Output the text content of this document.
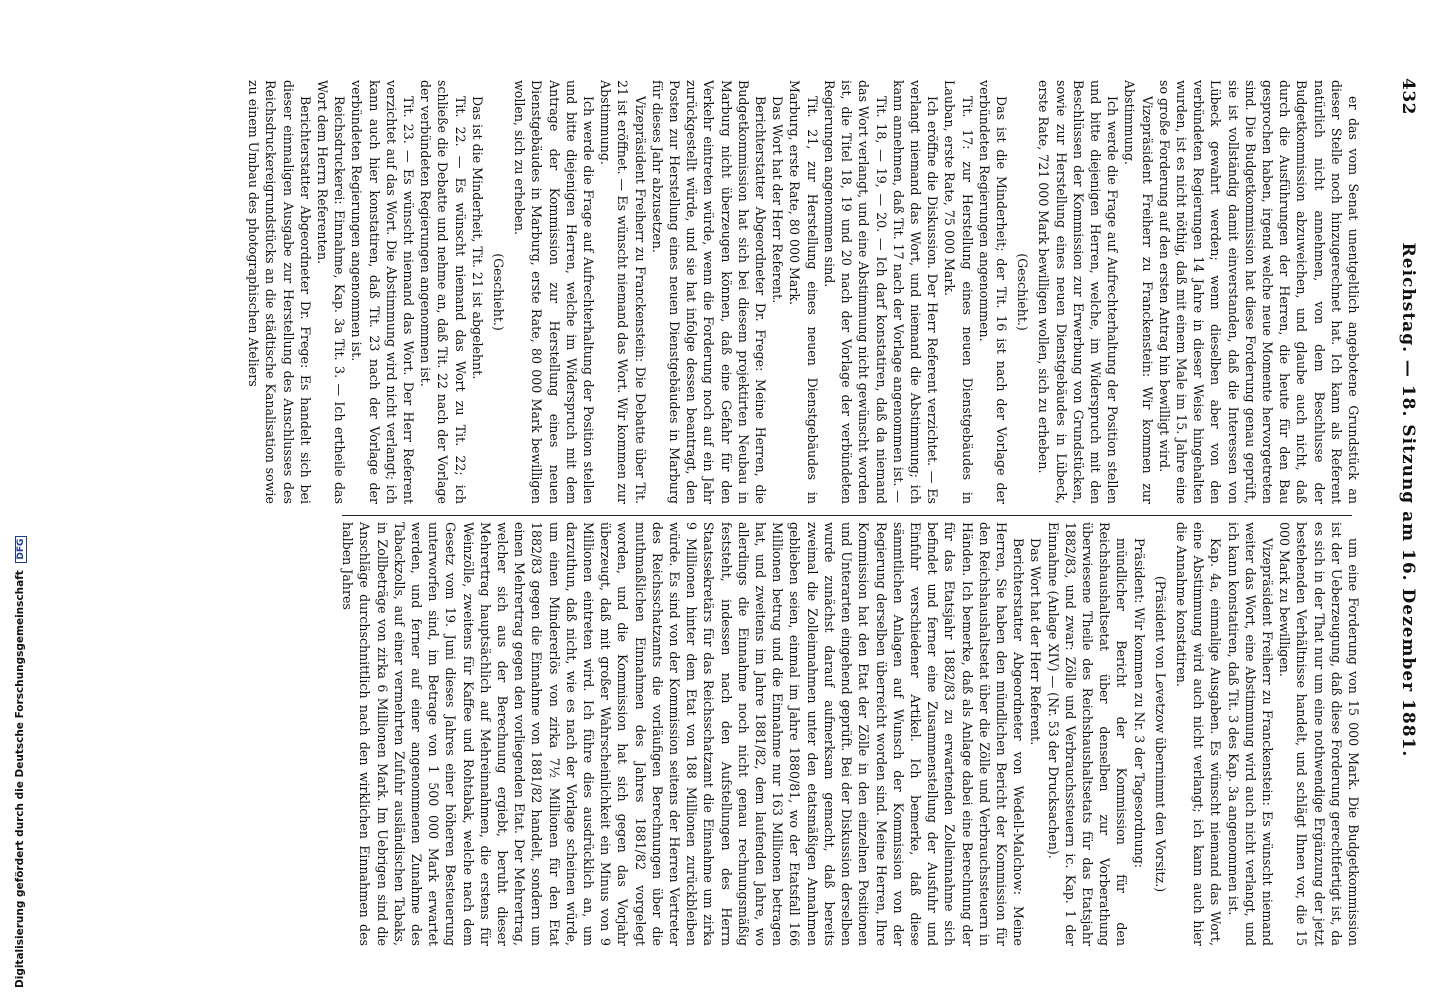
432
Reichstag. — 18. Sitzung am 16. Dezember 1881.

er das vom Senat unentgeltlich angebotene Grundstück an dieser Stelle noch hinzugerechnet hat. Ich kann als Referent natürlich nicht annehmen, von dem Beschlusse der Budgetkommission abzuweichen, und glaube auch nicht, daß durch die Ausführungen der Herren, die heute für den Bau gesprochen haben, irgend welche neue Momente hervorgetreten sind. Die Budgetkommission hat diese Forderung genau geprüft, sie ist vollständig damit einverstanden, daß die Interessen von Lübeck gewahrt werden; wenn dieselben aber von den verbündeten Regierungen 14 Jahre in dieser Weise hingehalten wurden, ist es nicht nöthig, daß mit einem Male im 15. Jahre eine so große Forderung auf den ersten Antrag hin bewilligt wird.

Vizepräsident Freiherr zu Franckenstein: Wir kommen zur Abstimmung.

Ich werde die Frage auf Aufrechterhaltung der Position stellen und bitte diejenigen Herren, welche, im Widerspruch mit den Beschlüssen der Kommission zur Erwerbung von Grundstücken, sowie zur Herstellung eines neuen Dienstgebäudes in Lübeck, erste Rate, 721 000 Mark bewilligen wollen, sich zu erheben.

(Geschieht.)

Das ist die Minderheit; der Tit. 16 ist nach der Vorlage der verbündeten Regierungen angenommen.

Tit. 17: zur Herstellung eines neuen Dienstgebäudes in Lauban, erste Rate, 75 000 Mark.

Ich eröffne die Diskussion. Der Herr Referent verzichtet. — Es verlangt niemand das Wort, und niemand die Abstimmung; ich kann annehmen, daß Tit. 17 nach der Vorlage angenommen ist. —

Tit. 18, — 19, — 20. — Ich darf konstatiren, daß da niemand das Wort verlangt, und eine Abstimmung nicht gewünscht worden ist, die Titel 18, 19 und 20 nach der Vorlage der verbündeten Regierungen angenommen sind.

Tit. 21, zur Herstellung eines neuen Dienstgebäudes in Marburg, erste Rate, 80 000 Mark.

Das Wort hat der Herr Referent.

Berichterstatter Abgeordneter Dr. Frege: Meine Herren, die Budgetkommission hat sich bei diesem projektirten Neubau in Marburg nicht überzeugen können, daß eine Gefahr für den Verkehr eintreten würde, wenn die Forderung noch auf ein Jahr zurückgestellt würde, und sie hat infolge dessen beantragt, den Posten zur Herstellung eines neuen Dienstgebäudes in Marburg für dieses Jahr abzusetzen.

Vizepräsident Freiherr zu Franckenstein: Die Debatte über Tit. 21 ist eröffnet. — Es wünscht niemand das Wort. Wir kommen zur Abstimmung.

Ich werde die Frage auf Aufrechterhaltung der Position stellen und bitte diejenigen Herren, welche im Widerspruch mit dem Antrage der Kommission zur Herstellung eines neuen Dienstgebäudes in Marburg, erste Rate, 80 000 Mark bewilligen wollen, sich zu erheben.

(Geschieht.)

Das ist die Minderheit, Tit. 21 ist abgelehnt.

Tit. 22. — Es wünscht niemand das Wort zu Tit. 22; ich schließe die Debatte und nehme an, daß Tit. 22 nach der Vorlage der verbündeten Regierungen angenommen ist.

Tit. 23. — Es wünscht niemand das Wort. Der Herr Referent verzichtet auf das Wort. Die Abstimmung wird nicht verlangt; ich kann auch hier konstatiren, daß Tit. 23 nach der Vorlage der verbündeten Regierungen angenommen ist.

Reichsdruckerei: Einnahme, Kap. 3a Tit. 3. — Ich ertheile das Wort dem Herrn Referenten.

Berichterstatter Abgeordneter Dr. Frege: Es handelt sich bei dieser einmaligen Ausgabe zur Herstellung des Anschlusses des Reichsdruckereigrundstücks an die städtische Kanalisation sowie zu einem Umbau des photographischen Ateliers

um eine Forderung von 15 000 Mark. Die Budgetkommission ist der Ueberzeugung, daß diese Forderung gerechtfertigt ist, da es sich in der That nur um eine nothwendige Ergänzung der jetzt bestehenden Verhältnisse handelt, und schlägt Ihnen vor, die 15 000 Mark zu bewilligen.

Vizepräsident Freiherr zu Franckenstein: Es wünscht niemand weiter das Wort, eine Abstimmung wird auch nicht verlangt, und ich kann konstatiren, daß Tit. 3 des Kap. 3a angenommen ist.

Kap. 4a, einmalige Ausgaben. Es wünscht niemand das Wort, eine Abstimmung wird auch nicht verlangt; ich kann auch hier die Annahme konstatiren.

(Präsident von Levetzow übernimmt den Vorsitz.)

Präsident: Wir kommen zu Nr. 3 der Tagesordnung:

mündlicher Bericht der Kommission für den Reichshaushaltsetat über denselben zur Vorberathung überwiesene Theile des Reichshaushaltsetats für das Etatsjahr 1882/83, und zwar: Zölle und Verbrauchssteuern ic. Kap. 1 der Einnahme (Anlage XIV) — (Nr. 53 der Drucksachen).

Das Wort hat der Herr Referent.

Berichterstatter Abgeordneter von Wedell-Malchow: Meine Herren, Sie haben den mündlichen Bericht der Kommission für den Reichshaushaltsetat über die Zölle und Verbrauchssteuern in Händen. Ich bemerke, daß als Anlage dabei eine Berechnung der für das Etatsjahr 1882/83 zu erwartenden Zolleinnahme sich befindet und ferner eine Zusammenstellung der Ausfuhr und Einfuhr verschiedener Artikel. Ich bemerke, daß diese sämmtlichen Anlagen auf Wunsch der Kommission von der Regierung derselben überreicht worden sind. Meine Herren, Ihre Kommission hat den Etat der Zölle in den einzelnen Positionen und Unterarten eingehend geprüft. Bei der Diskussion derselben wurde zunächst darauf aufmerksam gemacht, daß bereits zweimal die Zolleinnahmen unter den etatsmäßigen Annahmen geblieben seien, einmal im Jahre 1880/81, wo der Etatsfall 166 Millionen betrug und die Einnahme nur 163 Millionen betragen hat, und zweitens im Jahre 1881/82, dem laufenden Jahre, wo allerdings die Einnahme noch nicht genau rechnungsmäßig feststeht, indessen nach den Aufstellungen des Herrn Staatssekretärs für das Reichsschatzamt die Einnahme um zirka 9 Millionen hinter dem Etat von 188 Millionen zurückbleiben würde. Es sind von der Kommission seitens der Herren Vertreter des Reichsschatzamts die vorläufigen Berechnungen über die muthmaßlichen Einnahmen des Jahres 1881/82 vorgelegt worden, und die Kommission hat sich gegen das Vorjahr überzeugt, daß mit großer Wahrscheinlichkeit ein Minus von 9 Millionen eintreten wird. Ich führe dies ausdrücklich an, um darzuthun, daß nicht, wie es nach der Vorlage scheinen würde, um einen Mindererlös von zirka 7½ Millionen für den Etat 1882/83 gegen die Einnahme von 1881/82 handelt, sondern um einen Mehrertrag gegen den vorliegenden Etat. Der Mehrertrag, welcher sich aus der Berechnung ergiebt, beruht dieser Mehrertrag hauptsächlich auf Mehreinnahmen, die erstens für Weinzölle, zweitens für Kaffee und Rohtabak, welche nach dem Gesetz vom 19. Juni dieses Jahres einer höheren Besteuerung unterworfen sind, im Betrage von 1 500 000 Mark erwartet werden, und ferner auf einer angenommenen Zunahme des Tabackzolls, auf einer vermehrten Zufuhr ausländischen Tabaks, in Zollbeträge von zirka 6 Millionen Mark. Im Uebrigen sind die Anschläge durchschnittlich nach den wirklichen Einnahmen des halben Jahres

Digitalisierung gefördert durch die Deutsche Forschungsgemeinschaft DFG
